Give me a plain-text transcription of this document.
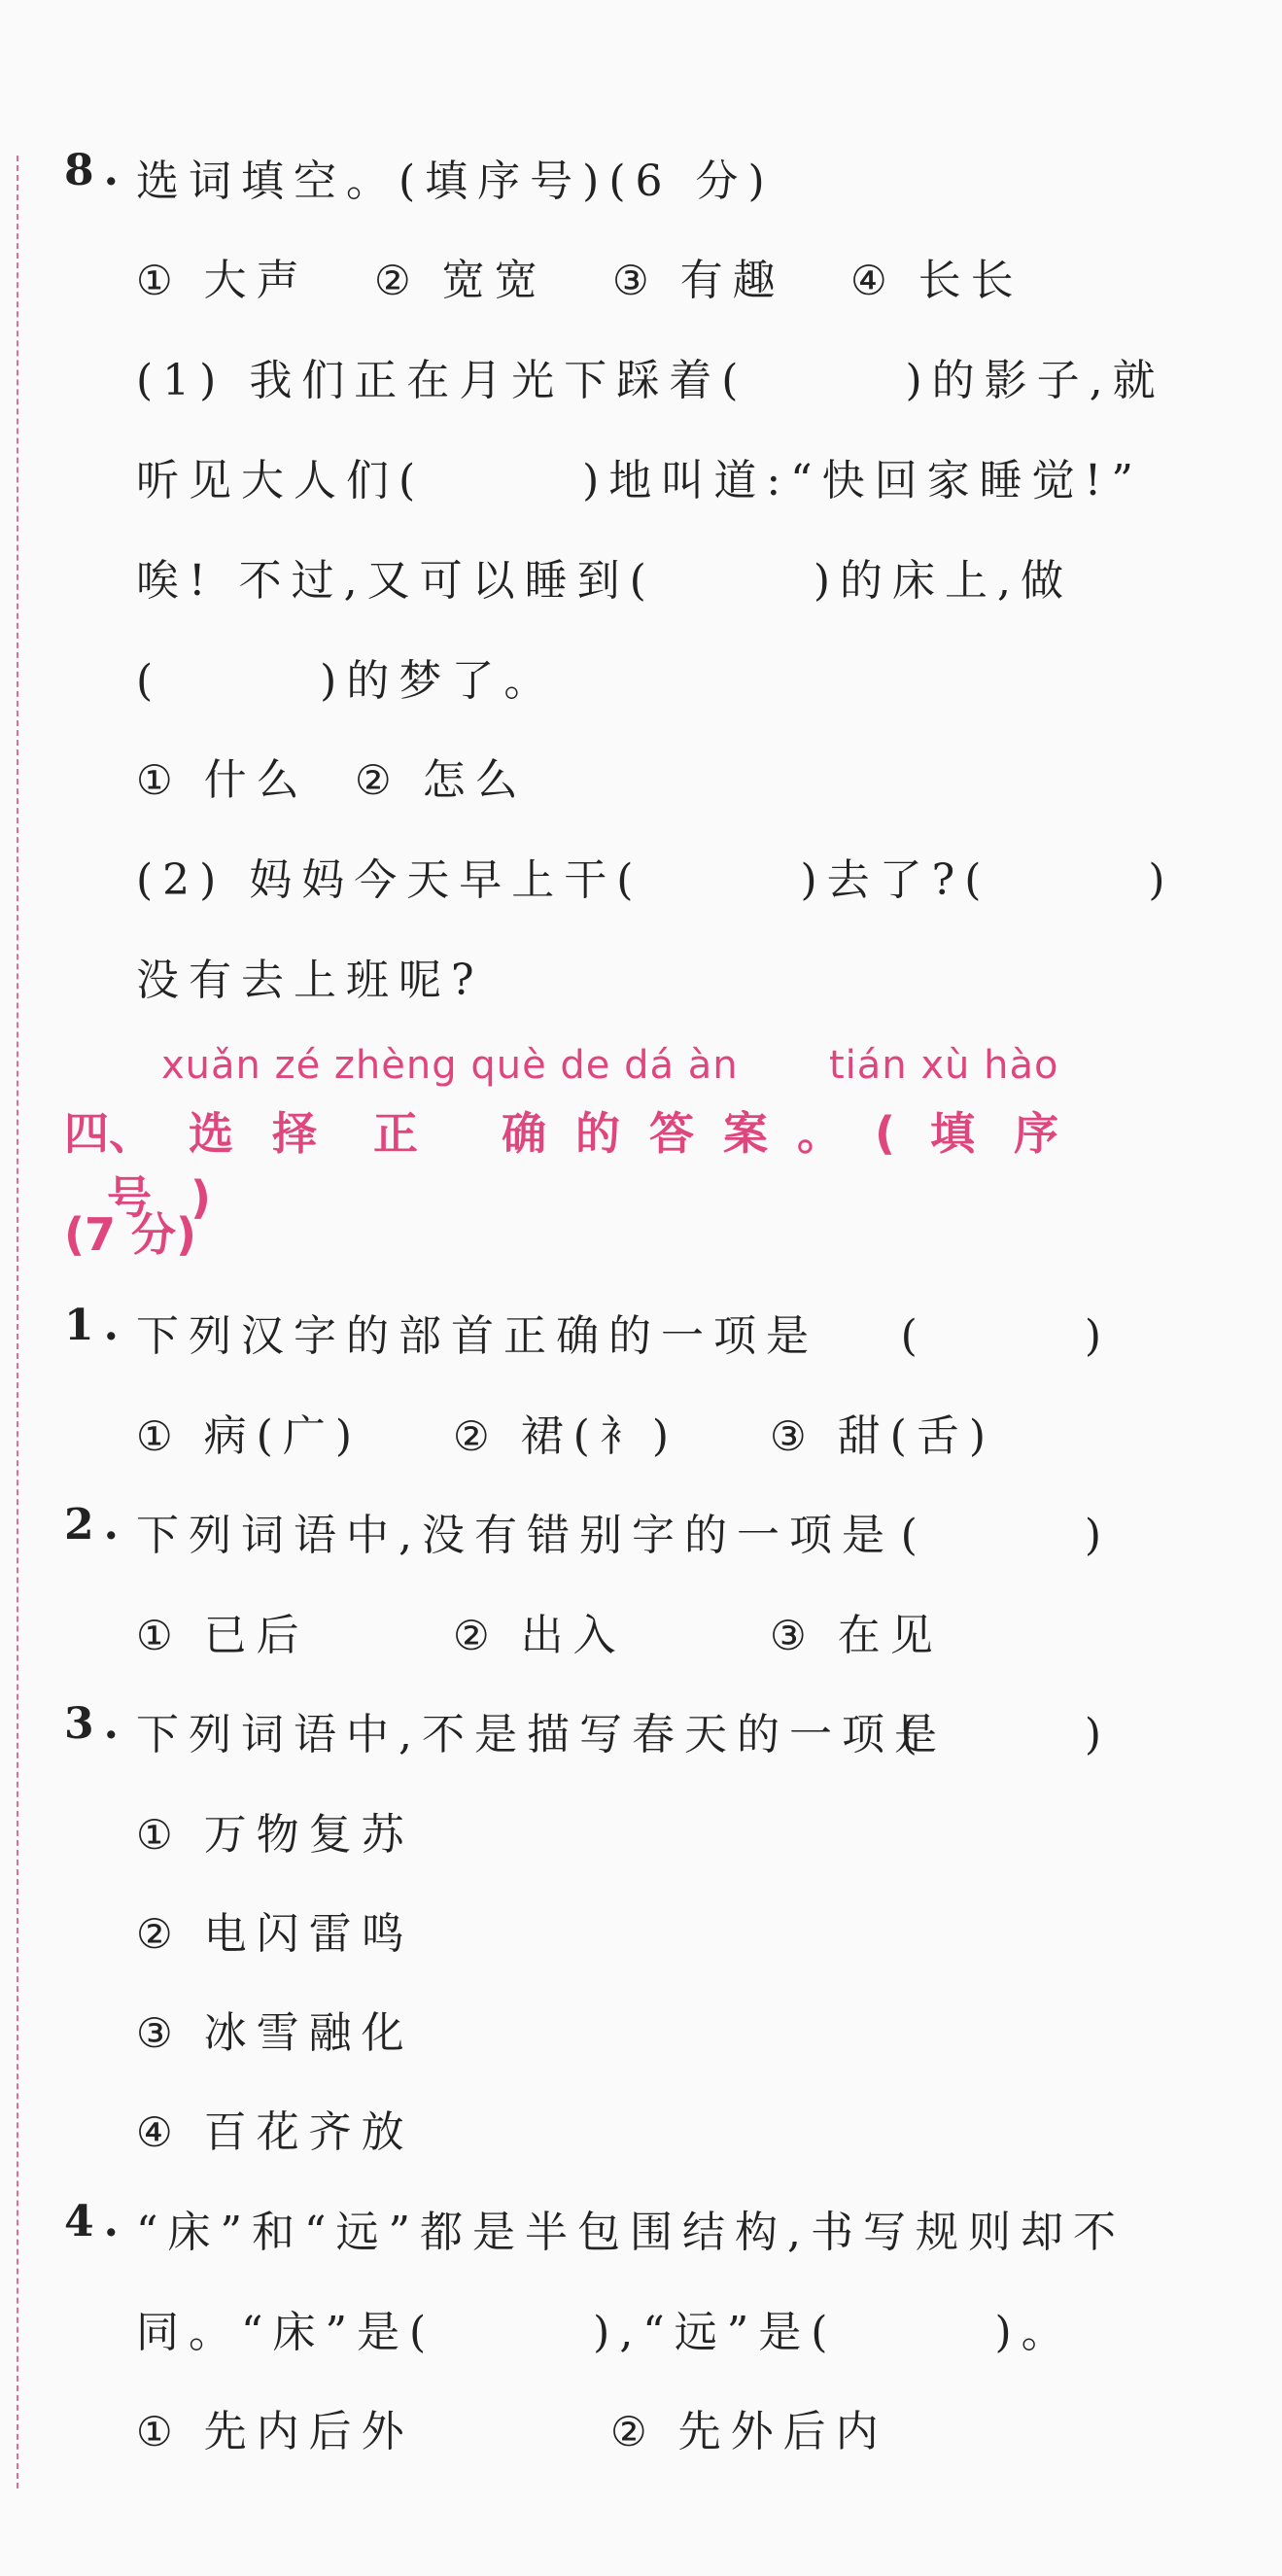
8. 选词填空。(填序号)(6 分)
① 大声 ② 宽宽 ③ 有趣 ④ 长长
(1) 我们正在月光下踩着(　　　)的影子,就
听见大人们(　　　)地叫道:“快回家睡觉!”
唉! 不过,又可以睡到(　　　)的床上,做
(　　　)的梦了。
① 什么 ② 怎么
(2) 妈妈今天早上干(　　　)去了?(　　　)
没有去上班呢?
xuǎn zé zhèng què de dá àn tián xù hào
四、 选 择 正 确 的 答 案 。 ( 填 序号 )
(7 分)
1. 下列汉字的部首正确的一项是 (　　　)
① 病(广) ② 裙(衤) ③ 甜(舌)
2. 下列词语中,没有错别字的一项是 (　　　)
① 已后	② 出入	③ 在见
3. 下列词语中,不是描写春天的一项是
(　　　)
① 万物复苏
② 电闪雷鸣
③ 冰雪融化
④ 百花齐放
4. “床”和“远”都是半包围结构,书写规则却不
同。“床”是(　　　),“远”是(　　　)。
① 先内后外	② 先外后内
